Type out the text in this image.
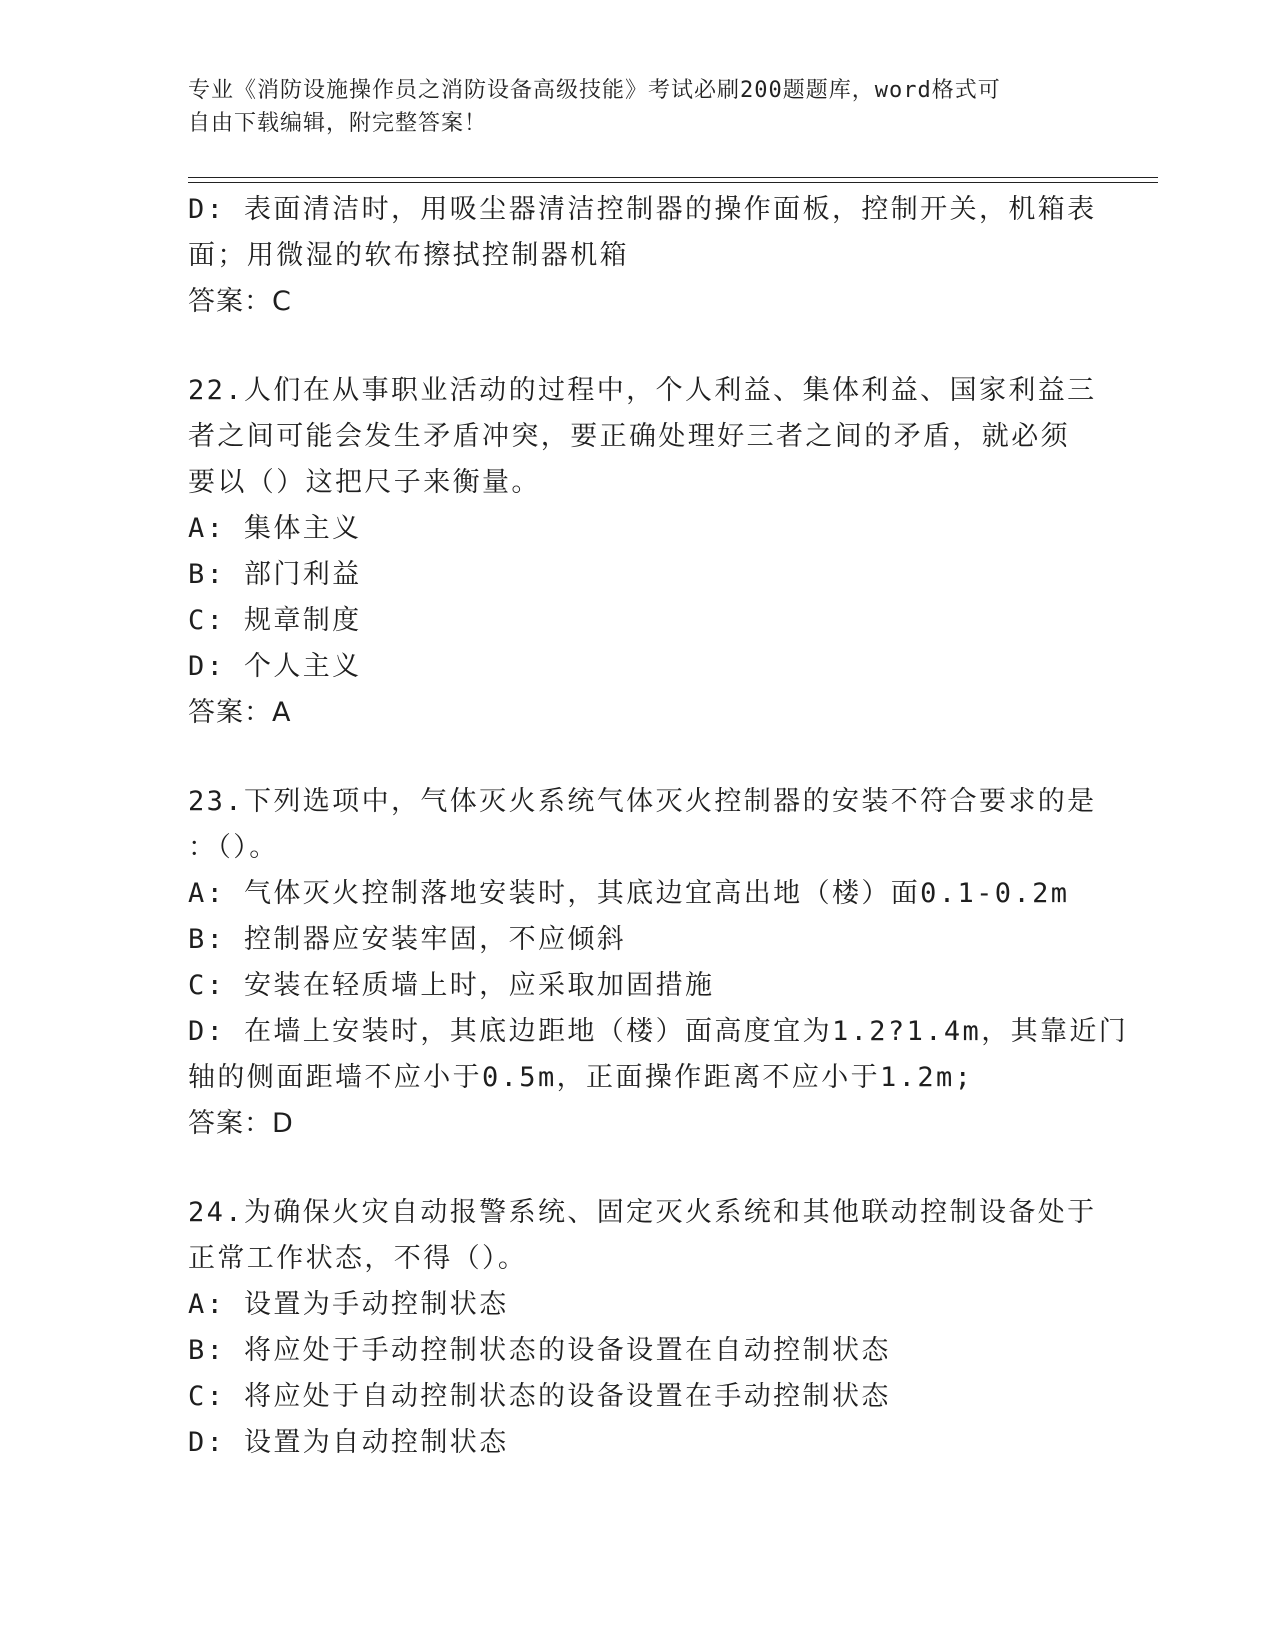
专业《消防设施操作员之消防设备高级技能》考试必刷200题题库，word格式可
自由下载编辑，附完整答案！
D: 表面清洁时，用吸尘器清洁控制器的操作面板，控制开关，机箱表
面；用微湿的软布擦拭控制器机箱
答案：C
22.人们在从事职业活动的过程中，个人利益、集体利益、国家利益三
者之间可能会发生矛盾冲突，要正确处理好三者之间的矛盾，就必须
要以（）这把尺子来衡量。
A: 集体主义
B: 部门利益
C: 规章制度
D: 个人主义
答案：A
23.下列选项中，气体灭火系统气体灭火控制器的安装不符合要求的是
：（）。
A: 气体灭火控制落地安装时，其底边宜高出地（楼）面0.1-0.2m
B: 控制器应安装牢固，不应倾斜
C: 安装在轻质墙上时，应采取加固措施
D: 在墙上安装时，其底边距地（楼）面高度宜为1.2?1.4m，其靠近门
轴的侧面距墙不应小于0.5m，正面操作距离不应小于1.2m;
答案：D
24.为确保火灾自动报警系统、固定灭火系统和其他联动控制设备处于
正常工作状态，不得（）。
A: 设置为手动控制状态
B: 将应处于手动控制状态的设备设置在自动控制状态
C: 将应处于自动控制状态的设备设置在手动控制状态
D: 设置为自动控制状态
